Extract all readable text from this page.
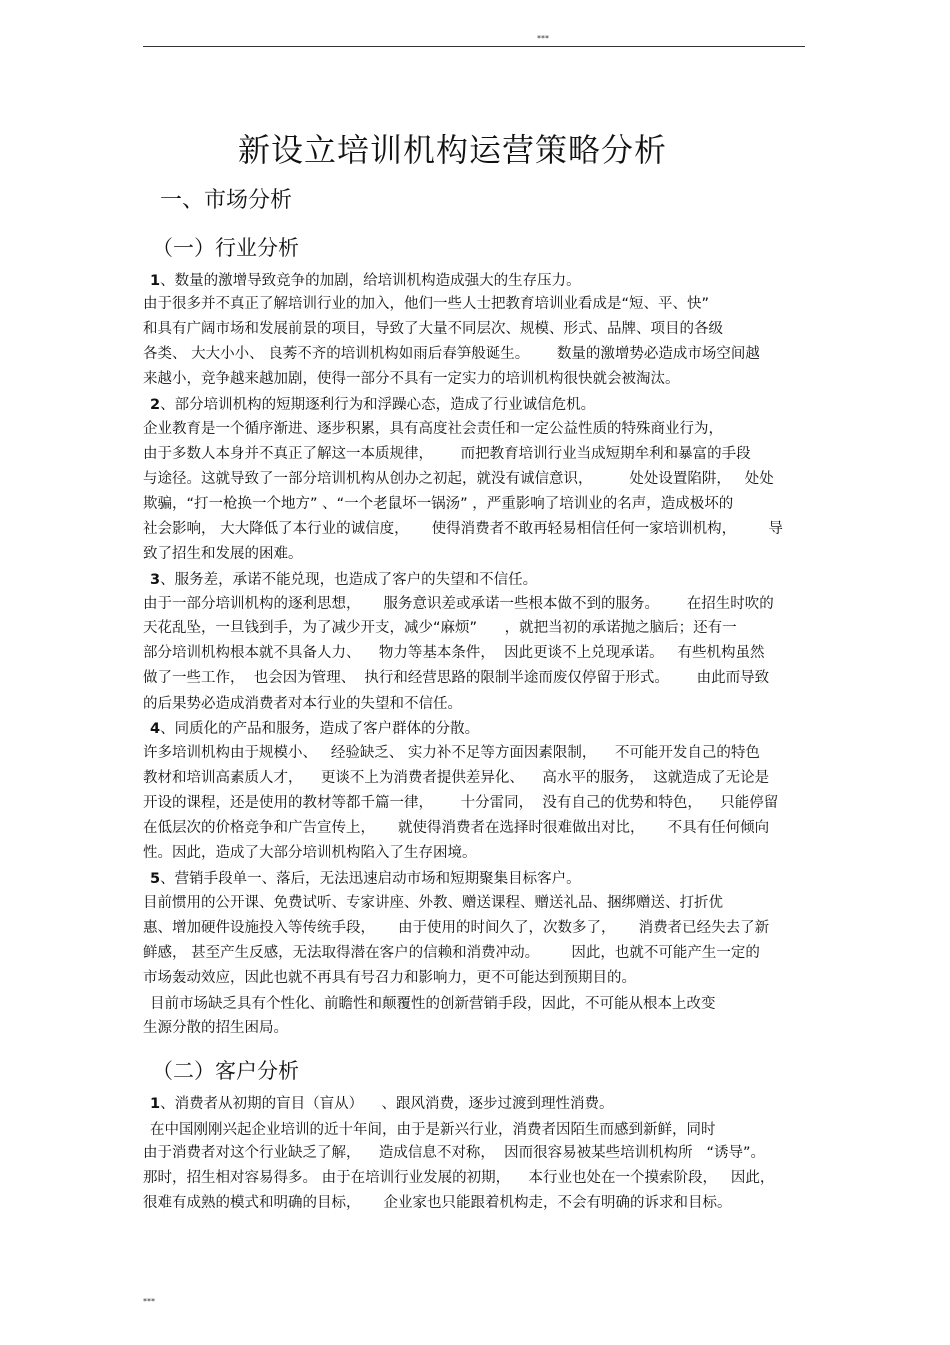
***
新设立培训机构运营策略分析
一、市场分析
（一）行业分析
（二）客户分析
1、数量的激增导致竞争的加剧，给培训机构造成强大的生存压力。
由于很多并不真正了解培训行业的加入，他们一些人士把教育培训业看成是“短、平、快”
和具有广阔市场和发展前景的项目，导致了大量不同层次、规模、形式、品牌、项目的各级
各类、 大大小小、 良莠不齐的培训机构如雨后春笋般诞生。      数量的激增势必造成市场空间越
来越小，竞争越来越加剧，使得一部分不具有一定实力的培训机构很快就会被淘汰。
2、部分培训机构的短期逐利行为和浮躁心态，造成了行业诚信危机。
企业教育是一个循序渐进、逐步积累，具有高度社会责任和一定公益性质的特殊商业行为，
由于多数人本身并不真正了解这一本质规律，      而把教育培训行业当成短期牟利和暴富的手段
与途径。这就导致了一部分培训机构从创办之初起，就没有诚信意识，        处处设置陷阱，   处处
欺骗，“打一枪换一个地方” 、“一个老鼠坏一锅汤” ，严重影响了培训业的名声，造成极坏的
社会影响， 大大降低了本行业的诚信度，     使得消费者不敢再轻易相信任何一家培训机构，       导
致了招生和发展的困难。
3、服务差，承诺不能兑现，也造成了客户的失望和不信任。
由于一部分培训机构的逐利思想，     服务意识差或承诺一些根本做不到的服务。      在招生时吹的
天花乱坠，一旦钱到手，为了减少开支，减少“麻烦”      ，就把当初的承诺抛之脑后；还有一
部分培训机构根本就不具备人力、    物力等基本条件，  因此更谈不上兑现承诺。   有些机构虽然
做了一些工作，  也会因为管理、  执行和经营思路的限制半途而废仅停留于形式。      由此而导致
的后果势必造成消费者对本行业的失望和不信任。
4、同质化的产品和服务，造成了客户群体的分散。
许多培训机构由于规模小、   经验缺乏、 实力补不足等方面因素限制，    不可能开发自己的特色
教材和培训高素质人才，    更谈不上为消费者提供差异化、    高水平的服务，  这就造成了无论是
开设的课程，还是使用的教材等都千篇一律，      十分雷同，  没有自己的优势和特色，    只能停留
在低层次的价格竞争和广告宣传上，     就使得消费者在选择时很难做出对比，     不具有任何倾向
性。因此，造成了大部分培训机构陷入了生存困境。
5、营销手段单一、落后，无法迅速启动市场和短期聚集目标客户。
目前惯用的公开课、免费试听、专家讲座、外教、赠送课程、赠送礼品、捆绑赠送、打折优
惠、增加硬件设施投入等传统手段，     由于使用的时间久了，次数多了，     消费者已经失去了新
鲜感， 甚至产生反感，无法取得潜在客户的信赖和消费冲动。       因此，也就不可能产生一定的
市场轰动效应，因此也就不再具有号召力和影响力，更不可能达到预期目的。
目前市场缺乏具有个性化、前瞻性和颠覆性的创新营销手段，因此，不可能从根本上改变
生源分散的招生困局。
1、消费者从初期的盲目（盲从）    、跟风消费，逐步过渡到理性消费。
在中国刚刚兴起企业培训的近十年间，由于是新兴行业，消费者因陌生而感到新鲜，同时
由于消费者对这个行业缺乏了解，    造成信息不对称，  因而很容易被某些培训机构所   “诱导”。
那时，招生相对容易得多。 由于在培训行业发展的初期，    本行业也处在一个摸索阶段，   因此，
很难有成熟的模式和明确的目标，     企业家也只能跟着机构走，不会有明确的诉求和目标。
***
